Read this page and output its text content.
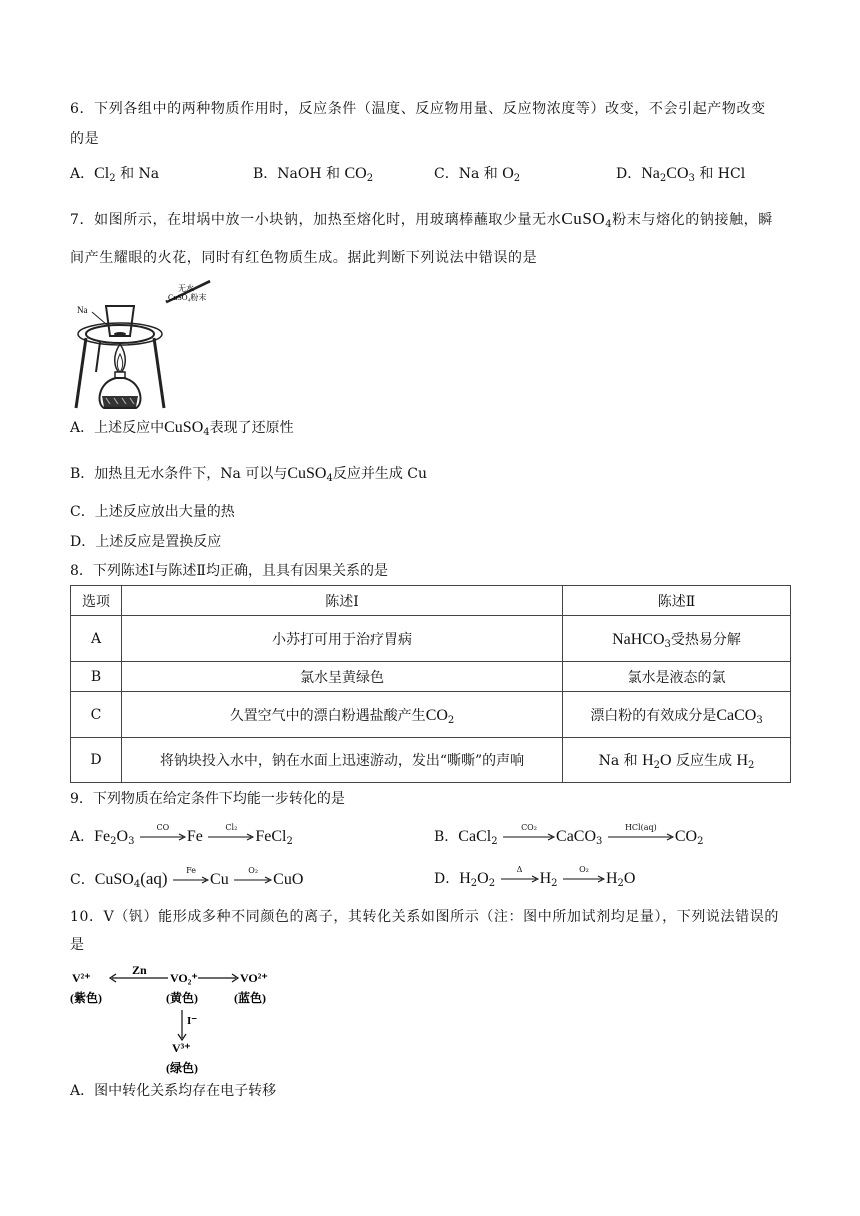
6．下列各组中的两种物质作用时，反应条件（温度、反应物用量、反应物浓度等）改变，不会引起产物改变
的是
A．$Cl_2$ 和 Na	B．NaOH 和 $CO_2$	C．Na 和 $O_2$	D．$Na_2CO_3$ 和 HCl
7．如图所示，在坩埚中放一小块钠，加热至熔化时，用玻璃棒蘸取少量无水CuSO$_4$粉末与熔化的钠接触，瞬
间产生耀眼的火花，同时有红色物质生成。据此判断下列说法中错误的是
无水
CuSO₄粉末
Na
A．上述反应中CuSO$_4$表现了还原性
B．加热且无水条件下，Na 可以与CuSO$_4$反应并生成 Cu
C．上述反应放出大量的热
D．上述反应是置换反应
8．下列陈述Ⅰ与陈述Ⅱ均正确，且具有因果关系的是
选项	陈述Ⅰ	陈述Ⅱ
A	小苏打可用于治疗胃病	NaHCO$_3$受热易分解
B	氯水呈黄绿色	氯水是液态的氯
C	久置空气中的漂白粉遇盐酸产生$CO_2$	漂白粉的有效成分是CaCO$_3$
D	将钠块投入水中，钠在水面上迅速游动，发出“嘶嘶”的声响	Na 和 $H_2O$ 反应生成 $H_2$
9．下列物质在给定条件下均能一步转化的是
A．$Fe_2O_3$
CO
Fe
Cl₂
FeCl$_2$	B．CaCl$_2$
CO₂
CaCO$_3$
HCl(aq)
$CO_2$
C．CuSO$_4$(aq)	Fe
Cu
O₂
CuO	D．$H_2O_2$
Δ
$H_2$
O₂
$H_2O$
10．V（钒）能形成多种不同颜色的离子，其转化关系如图所示（注：图中所加试剂均足量），下列说法错误的
是
V²⁺
(紫色)
Zn
VO₂⁺
(黄色)
VO²⁺
(蓝色)
I⁻
V³⁺
(绿色)
A．图中转化关系均存在电子转移
